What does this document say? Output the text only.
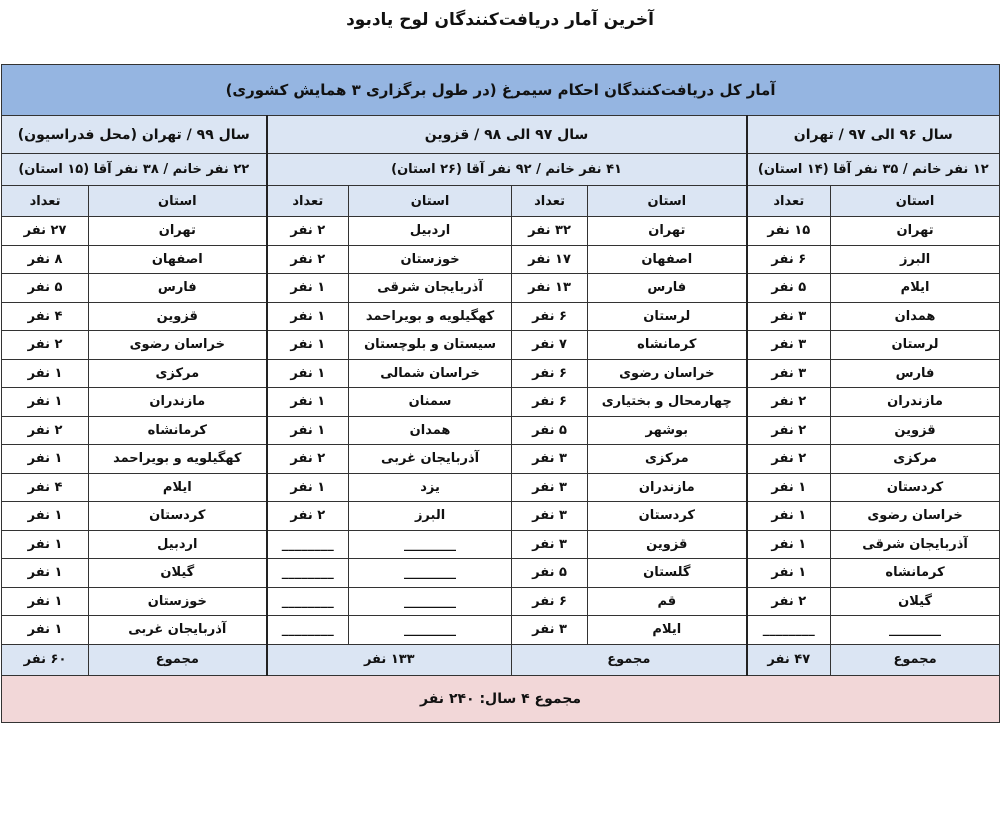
آخرین آمار دریافت‌کنندگان لوح یادبود
آمار کل دریافت‌کنندگان احکام سیمرغ (در طول برگزاری ۳ همایش کشوری)							
سال ۹۶ الی ۹۷ / تهران		سال ۹۷ الی ۹۸ / قزوین				سال ۹۹ / تهران (محل فدراسیون)	
۱۲ نفر خانم / ۳۵ نفر آقا (۱۴ استان)		۴۱ نفر خانم / ۹۲ نفر آقا (۲۶ استان)				۲۲ نفر خانم / ۳۸ نفر آقا (۱۵ استان)	
استان	تعداد	استان	تعداد	استان	تعداد	استان	تعداد
تهران	۱۵ نفر	تهران	۳۲ نفر	اردبیل	۲ نفر	تهران	۲۷ نفر
البرز	۶ نفر	اصفهان	۱۷ نفر	خوزستان	۲ نفر	اصفهان	۸ نفر
ایلام	۵ نفر	فارس	۱۳ نفر	آذربایجان شرقی	۱ نفر	فارس	۵ نفر
همدان	۳ نفر	لرستان	۶ نفر	کهگیلویه و بویراحمد	۱ نفر	قزوین	۴ نفر
لرستان	۳ نفر	کرمانشاه	۷ نفر	سیستان و بلوچستان	۱ نفر	خراسان رضوی	۲ نفر
فارس	۳ نفر	خراسان رضوی	۶ نفر	خراسان شمالی	۱ نفر	مرکزی	۱ نفر
مازندران	۲ نفر	چهارمحال و بختیاری	۶ نفر	سمنان	۱ نفر	مازندران	۱ نفر
قزوین	۲ نفر	بوشهر	۵ نفر	همدان	۱ نفر	کرمانشاه	۲ نفر
مرکزی	۲ نفر	مرکزی	۳ نفر	آذربایجان غربی	۲ نفر	کهگیلویه و بویراحمد	۱ نفر
کردستان	۱ نفر	مازندران	۳ نفر	یزد	۱ نفر	ایلام	۴ نفر
خراسان رضوی	۱ نفر	کردستان	۳ نفر	البرز	۲ نفر	کردستان	۱ نفر
آذربایجان شرقی	۱ نفر	قزوین	۳ نفر	________	________	اردبیل	۱ نفر
کرمانشاه	۱ نفر	گلستان	۵ نفر	________	________	گیلان	۱ نفر
گیلان	۲ نفر	قم	۶ نفر	________	________	خوزستان	۱ نفر
________	________	ایلام	۳ نفر	________	________	آذربایجان غربی	۱ نفر
مجموع	۴۷ نفر	مجموع		۱۳۳ نفر		مجموع	۶۰ نفر
مجموع ۴ سال: ۲۴۰ نفر							
